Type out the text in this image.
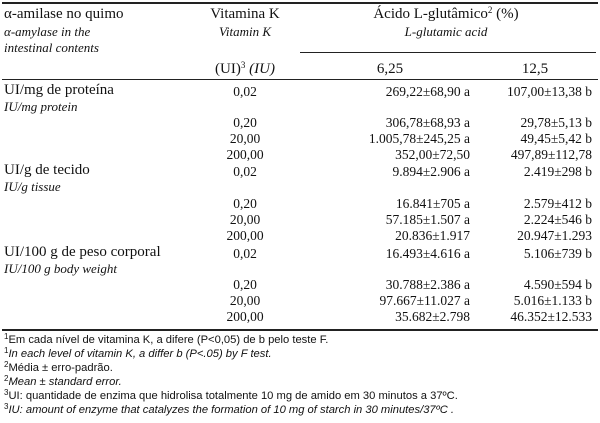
α-amilase no quimo
α-amylase in the
intestinal contents
Vitamina K
Vitamin K
Ácido L-glutâmico$^2$ (%)
L-glutamic acid
(UI)$^3$ (IU)	6,25	12,5
UI/mg de proteína
IU/mg protein
0,02	269,22±68,90 a	107,00±13,38 b
0,20	306,78±68,93 a	29,78±5,13 b
20,00	1.005,78±245,25 a	49,45±5,42 b
200,00	352,00±72,50	497,89±112,78
UI/g de tecido
IU/g tissue
0,02	9.894±2.906 a	2.419±298 b
0,20	16.841±705 a	2.579±412 b
20,00	57.185±1.507 a	2.224±546 b
200,00	20.836±1.917	20.947±1.293
UI/100 g de peso corporal
IU/100 g body weight
0,02	16.493±4.616 a	5.106±739 b
0,20	30.788±2.386 a	4.590±594 b
20,00	97.667±11.027 a	5.016±1.133 b
200,00	35.682±2.798	46.352±12.533
$^1$Em cada nível de vitamina K, a difere (P<0,05) de b pelo teste F.
$^1$In each level of vitamin K, a differ b (P<.05) by F test.
$^2$Média ± erro-padrão.
$^2$Mean ± standard error.
$^3$UI: quantidade de enzima que hidrolisa totalmente 10 mg de amido em 30 minutos a 37ºC.
$^3$IU: amount of enzyme that catalyzes the formation of 10 mg of starch in 30 minutes/37ºC .
